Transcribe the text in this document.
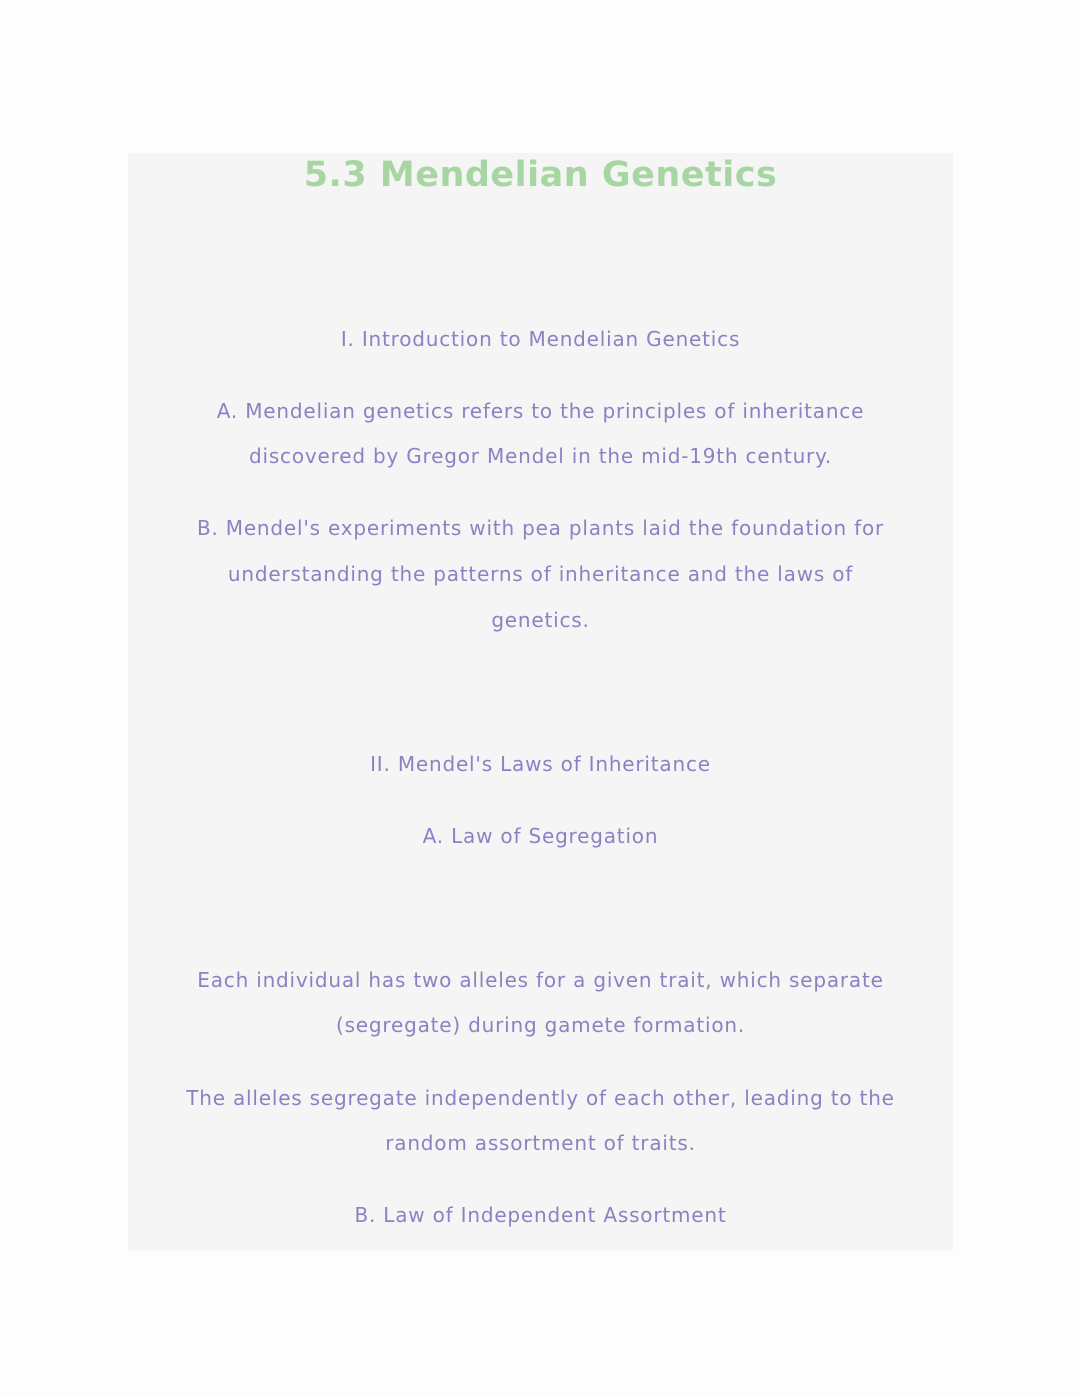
5.3 Mendelian Genetics
I. Introduction to Mendelian Genetics
A. Mendelian genetics refers to the principles of inheritance
discovered by Gregor Mendel in the mid-19th century.
B. Mendel's experiments with pea plants laid the foundation for
understanding the patterns of inheritance and the laws of
genetics.
II. Mendel's Laws of Inheritance
A. Law of Segregation
Each individual has two alleles for a given trait, which separate
(segregate) during gamete formation.
The alleles segregate independently of each other, leading to the
random assortment of traits.
B. Law of Independent Assortment
